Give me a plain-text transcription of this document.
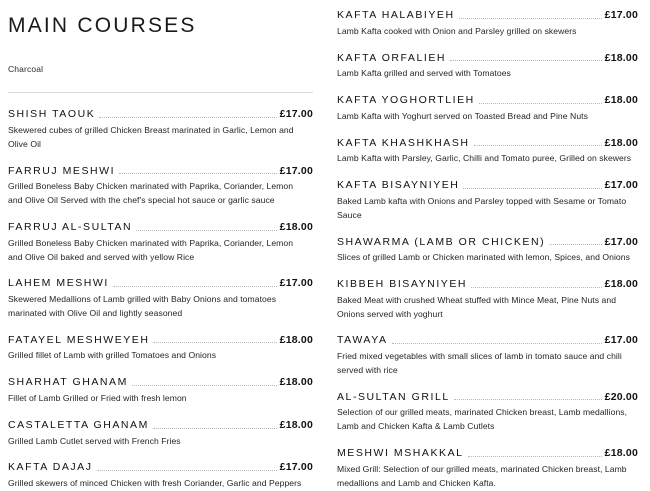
MAIN COURSES
Charcoal
SHISH TAOUK	£17.00
Skewered cubes of grilled Chicken Breast marinated in Garlic, Lemon and Olive Oil
FARRUJ MESHWI	£17.00
Grilled Boneless Baby Chicken marinated with Paprika, Coriander, Lemon and Olive Oil Served with the chef's special hot sauce or garlic sauce
FARRUJ AL-SULTAN	£18.00
Grilled Boneless Baby Chicken marinated with Paprika, Coriander, Lemon and Olive Oil baked and served with yellow Rice
LAHEM MESHWI	£17.00
Skewered Medallions of Lamb grilled with Baby Onions and tomatoes marinated with Olive Oil and lightly seasoned
FATAYEL MESHWEYEH	£18.00
Grilled fillet of Lamb with grilled Tomatoes and Onions
SHARHAT GHANAM	£18.00
Fillet of Lamb Grilled or Fried with fresh lemon
CASTALETTA GHANAM	£18.00
Grilled Lamb Cutlet served with French Fries
KAFTA DAJAJ	£17.00
Grilled skewers of minced Chicken with fresh Coriander, Garlic and Peppers
KAFTA HALABIYEH	£17.00
Lamb Kafta cooked with Onion and Parsley grilled on skewers
KAFTA ORFALIEH	£18.00
Lamb Kafta grilled and served with Tomatoes
KAFTA YOGHORTLIEH	£18.00
Lamb Kafta with Yoghurt served on Toasted Bread and Pine Nuts
KAFTA KHASHKHASH	£18.00
Lamb Kafta with Parsley, Garlic, Chilli and Tomato puree, Grilled on skewers
KAFTA BISAYNIYEH	£17.00
Baked Lamb kafta with Onions and Parsley topped with Sesame or Tomato Sauce
SHAWARMA (LAMB OR CHICKEN)	£17.00
Slices of grilled Lamb or Chicken marinated with lemon, Spices, and Onions
KIBBEH BISAYNIYEH	£18.00
Baked Meat with crushed Wheat stuffed with Mince Meat, Pine Nuts and Onions served with yoghurt
TAWAYA	£17.00
Fried mixed vegetables with small slices of lamb in tomato sauce and chili served with rice
AL-SULTAN GRILL	£20.00
Selection of our grilled meats, marinated Chicken breast, Lamb medallions, Lamb and Chicken Kafta & Lamb Cutlets
MESHWI MSHAKKAL	£18.00
Mixed Grill: Selection of our grilled meats, marinated Chicken breast, Lamb medallions and Lamb and Chicken Kafta.
